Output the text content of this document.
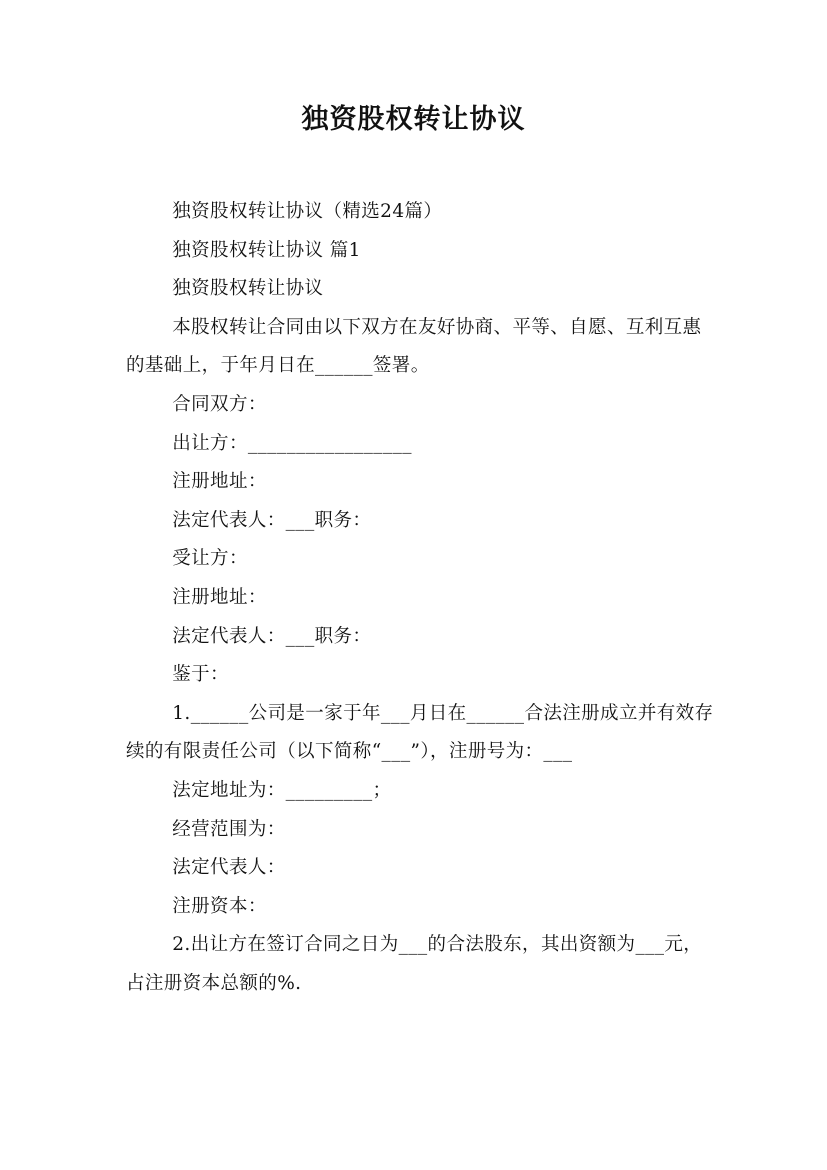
独资股权转让协议

独资股权转让协议（精选24篇）

独资股权转让协议 篇1

独资股权转让协议

本股权转让合同由以下双方在友好协商、平等、自愿、互利互惠的基础上，于年月日在______签署。

合同双方：

出让方：_________________

注册地址：

法定代表人：___职务：

受让方：

注册地址：

法定代表人：___职务：

鉴于：

1.______公司是一家于年___月日在______合法注册成立并有效存续的有限责任公司（以下简称“___”），注册号为：___

法定地址为：_________；

经营范围为：

法定代表人：

注册资本：

2.出让方在签订合同之日为___的合法股东，其出资额为___元，占注册资本总额的%.
